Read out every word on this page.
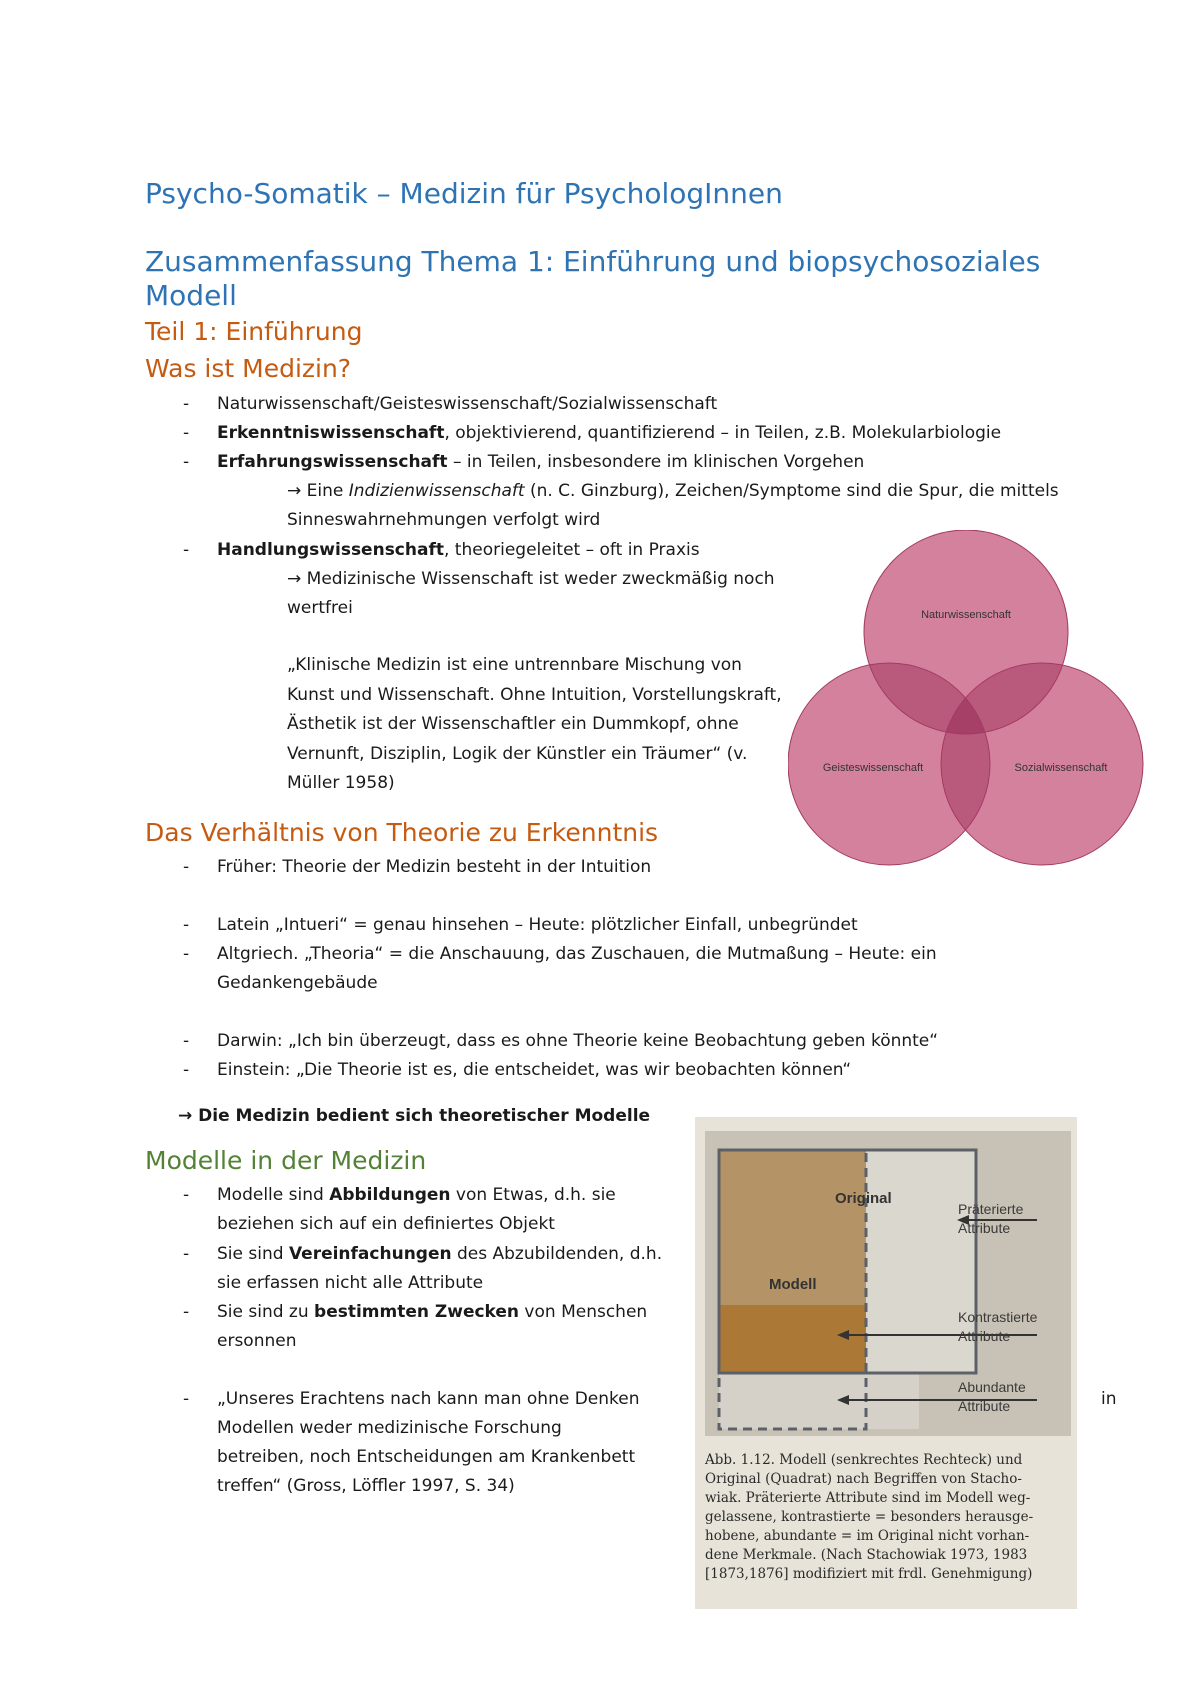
Psycho-Somatik – Medizin für PsychologInnen
Zusammenfassung Thema 1: Einführung und biopsychosoziales Modell
Teil 1: Einführung
Was ist Medizin?
- Naturwissenschaft/Geisteswissenschaft/Sozialwissenschaft
- Erkenntniswissenschaft, objektivierend, quantifizierend – in Teilen, z.B. Molekularbiologie
- Erfahrungswissenschaft – in Teilen, insbesondere im klinischen Vorgehen
→ Eine Indizienwissenschaft (n. C. Ginzburg), Zeichen/Symptome sind die Spur, die mittels
Sinneswahrnehmungen verfolgt wird
- Handlungswissenschaft, theoriegeleitet – oft in Praxis
→ Medizinische Wissenschaft ist weder zweckmäßig noch
wertfrei
„Klinische Medizin ist eine untrennbare Mischung von Kunst und Wissenschaft. Ohne Intuition, Vorstellungskraft, Ästhetik ist der Wissenschaftler ein Dummkopf, ohne Vernunft, Disziplin, Logik der Künstler ein Träumer“ (v. Müller 1958)
Naturwissenschaft
Geisteswissenschaft	Sozialwissenschaft
Das Verhältnis von Theorie zu Erkenntnis
- Früher: Theorie der Medizin besteht in der Intuition
- Latein „Intueri“ = genau hinsehen – Heute: plötzlicher Einfall, unbegründet
- Altgriech. „Theoria“ = die Anschauung, das Zuschauen, die Mutmaßung – Heute: ein
Gedankengebäude
- Darwin: „Ich bin überzeugt, dass es ohne Theorie keine Beobachtung geben könnte“
- Einstein: „Die Theorie ist es, die entscheidet, was wir beobachten können“
→ Die Medizin bedient sich theoretischer Modelle
Modelle in der Medizin
- Modelle sind Abbildungen von Etwas, d.h. sie
beziehen sich auf ein definiertes Objekt
- Sie sind Vereinfachungen des Abzubildenden, d.h.
sie erfassen nicht alle Attribute
- Sie sind zu bestimmten Zwecken von Menschen
ersonnen
- „Unseres Erachtens nach kann man ohne Denken	in
Modellen weder medizinische Forschung
betreiben, noch Entscheidungen am Krankenbett
treffen“ (Gross, Löffler 1997, S. 34)
Original
Modell
Präterierte
Attribute
Kontrastierte
Attribute
Abundante
Attribute
Abb. 1.12. Modell (senkrechtes Rechteck) und
Original (Quadrat) nach Begriffen von Stacho-
wiak. Präterierte Attribute sind im Modell weg-
gelassene, kontrastierte = besonders herausge-
hobene, abundante = im Original nicht vorhan-
dene Merkmale. (Nach Stachowiak 1973, 1983
[1873,1876] modifiziert mit frdl. Genehmigung)
